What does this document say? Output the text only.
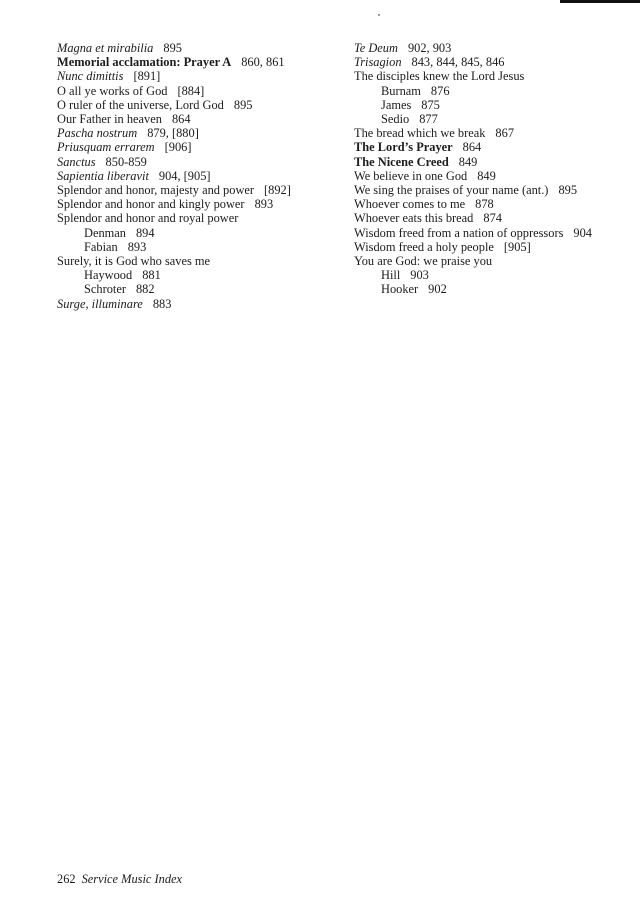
Magna et mirabilia 895
Memorial acclamation: Prayer A 860, 861
Nunc dimittis [891]
O all ye works of God [884]
O ruler of the universe, Lord God 895
Our Father in heaven 864
Pascha nostrum 879, [880]
Priusquam errarem [906]
Sanctus 850-859
Sapientia liberavit 904, [905]
Splendor and honor, majesty and power [892]
Splendor and honor and kingly power 893
Splendor and honor and royal power
Denman 894
Fabian 893
Surely, it is God who saves me
Haywood 881
Schroter 882
Surge, illuminare 883
Te Deum 902, 903
Trisagion 843, 844, 845, 846
The disciples knew the Lord Jesus
Burnam 876
James 875
Sedio 877
The bread which we break 867
The Lord’s Prayer 864
The Nicene Creed 849
We believe in one God 849
We sing the praises of your name (ant.) 895
Whoever comes to me 878
Whoever eats this bread 874
Wisdom freed from a nation of oppressors 904
Wisdom freed a holy people [905]
You are God: we praise you
Hill 903
Hooker 902
262 Service Music Index
